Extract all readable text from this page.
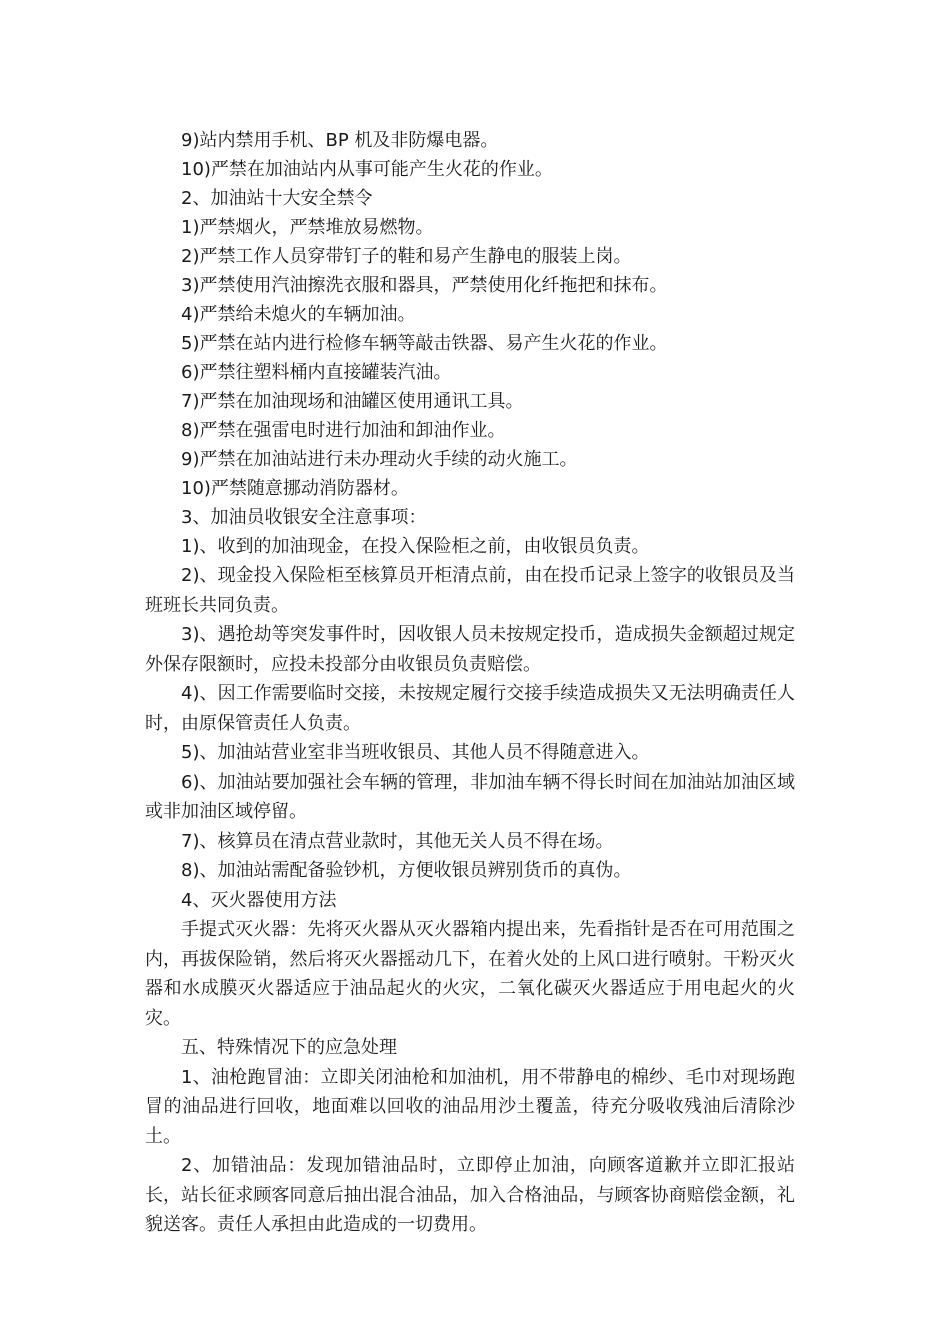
9)站内禁用手机、BP 机及非防爆电器。
10)严禁在加油站内从事可能产生火花的作业。
2、加油站十大安全禁令
1)严禁烟火，严禁堆放易燃物。
2)严禁工作人员穿带钉子的鞋和易产生静电的服装上岗。
3)严禁使用汽油擦洗衣服和器具，严禁使用化纤拖把和抹布。
4)严禁给未熄火的车辆加油。
5)严禁在站内进行检修车辆等敲击铁器、易产生火花的作业。
6)严禁往塑料桶内直接罐装汽油。
7)严禁在加油现场和油罐区使用通讯工具。
8)严禁在强雷电时进行加油和卸油作业。
9)严禁在加油站进行未办理动火手续的动火施工。
10)严禁随意挪动消防器材。
3、加油员收银安全注意事项：
1)、收到的加油现金，在投入保险柜之前，由收银员负责。

2)、现金投入保险柜至核算员开柜清点前，由在投币记录上签字的收银员及当班班长共同负责。

3)、遇抢劫等突发事件时，因收银人员未按规定投币，造成损失金额超过规定外保存限额时，应投未投部分由收银员负责赔偿。

4)、因工作需要临时交接，未按规定履行交接手续造成损失又无法明确责任人时，由原保管责任人负责。

5)、加油站营业室非当班收银员、其他人员不得随意进入。

6)、加油站要加强社会车辆的管理，非加油车辆不得长时间在加油站加油区域或非加油区域停留。

7)、核算员在清点营业款时，其他无关人员不得在场。

8)、加油站需配备验钞机，方便收银员辨别货币的真伪。

4、灭火器使用方法

手提式灭火器：先将灭火器从灭火器箱内提出来，先看指针是否在可用范围之内，再拔保险销，然后将灭火器摇动几下，在着火处的上风口进行喷射。干粉灭火器和水成膜灭火器适应于油品起火的火灾，二氧化碳灭火器适应于用电起火的火灾。

五、特殊情况下的应急处理

1、油枪跑冒油：立即关闭油枪和加油机，用不带静电的棉纱、毛巾对现场跑冒的油品进行回收，地面难以回收的油品用沙土覆盖，待充分吸收残油后清除沙土。

2、加错油品：发现加错油品时，立即停止加油，向顾客道歉并立即汇报站长，站长征求顾客同意后抽出混合油品，加入合格油品，与顾客协商赔偿金额，礼貌送客。责任人承担由此造成的一切费用。
